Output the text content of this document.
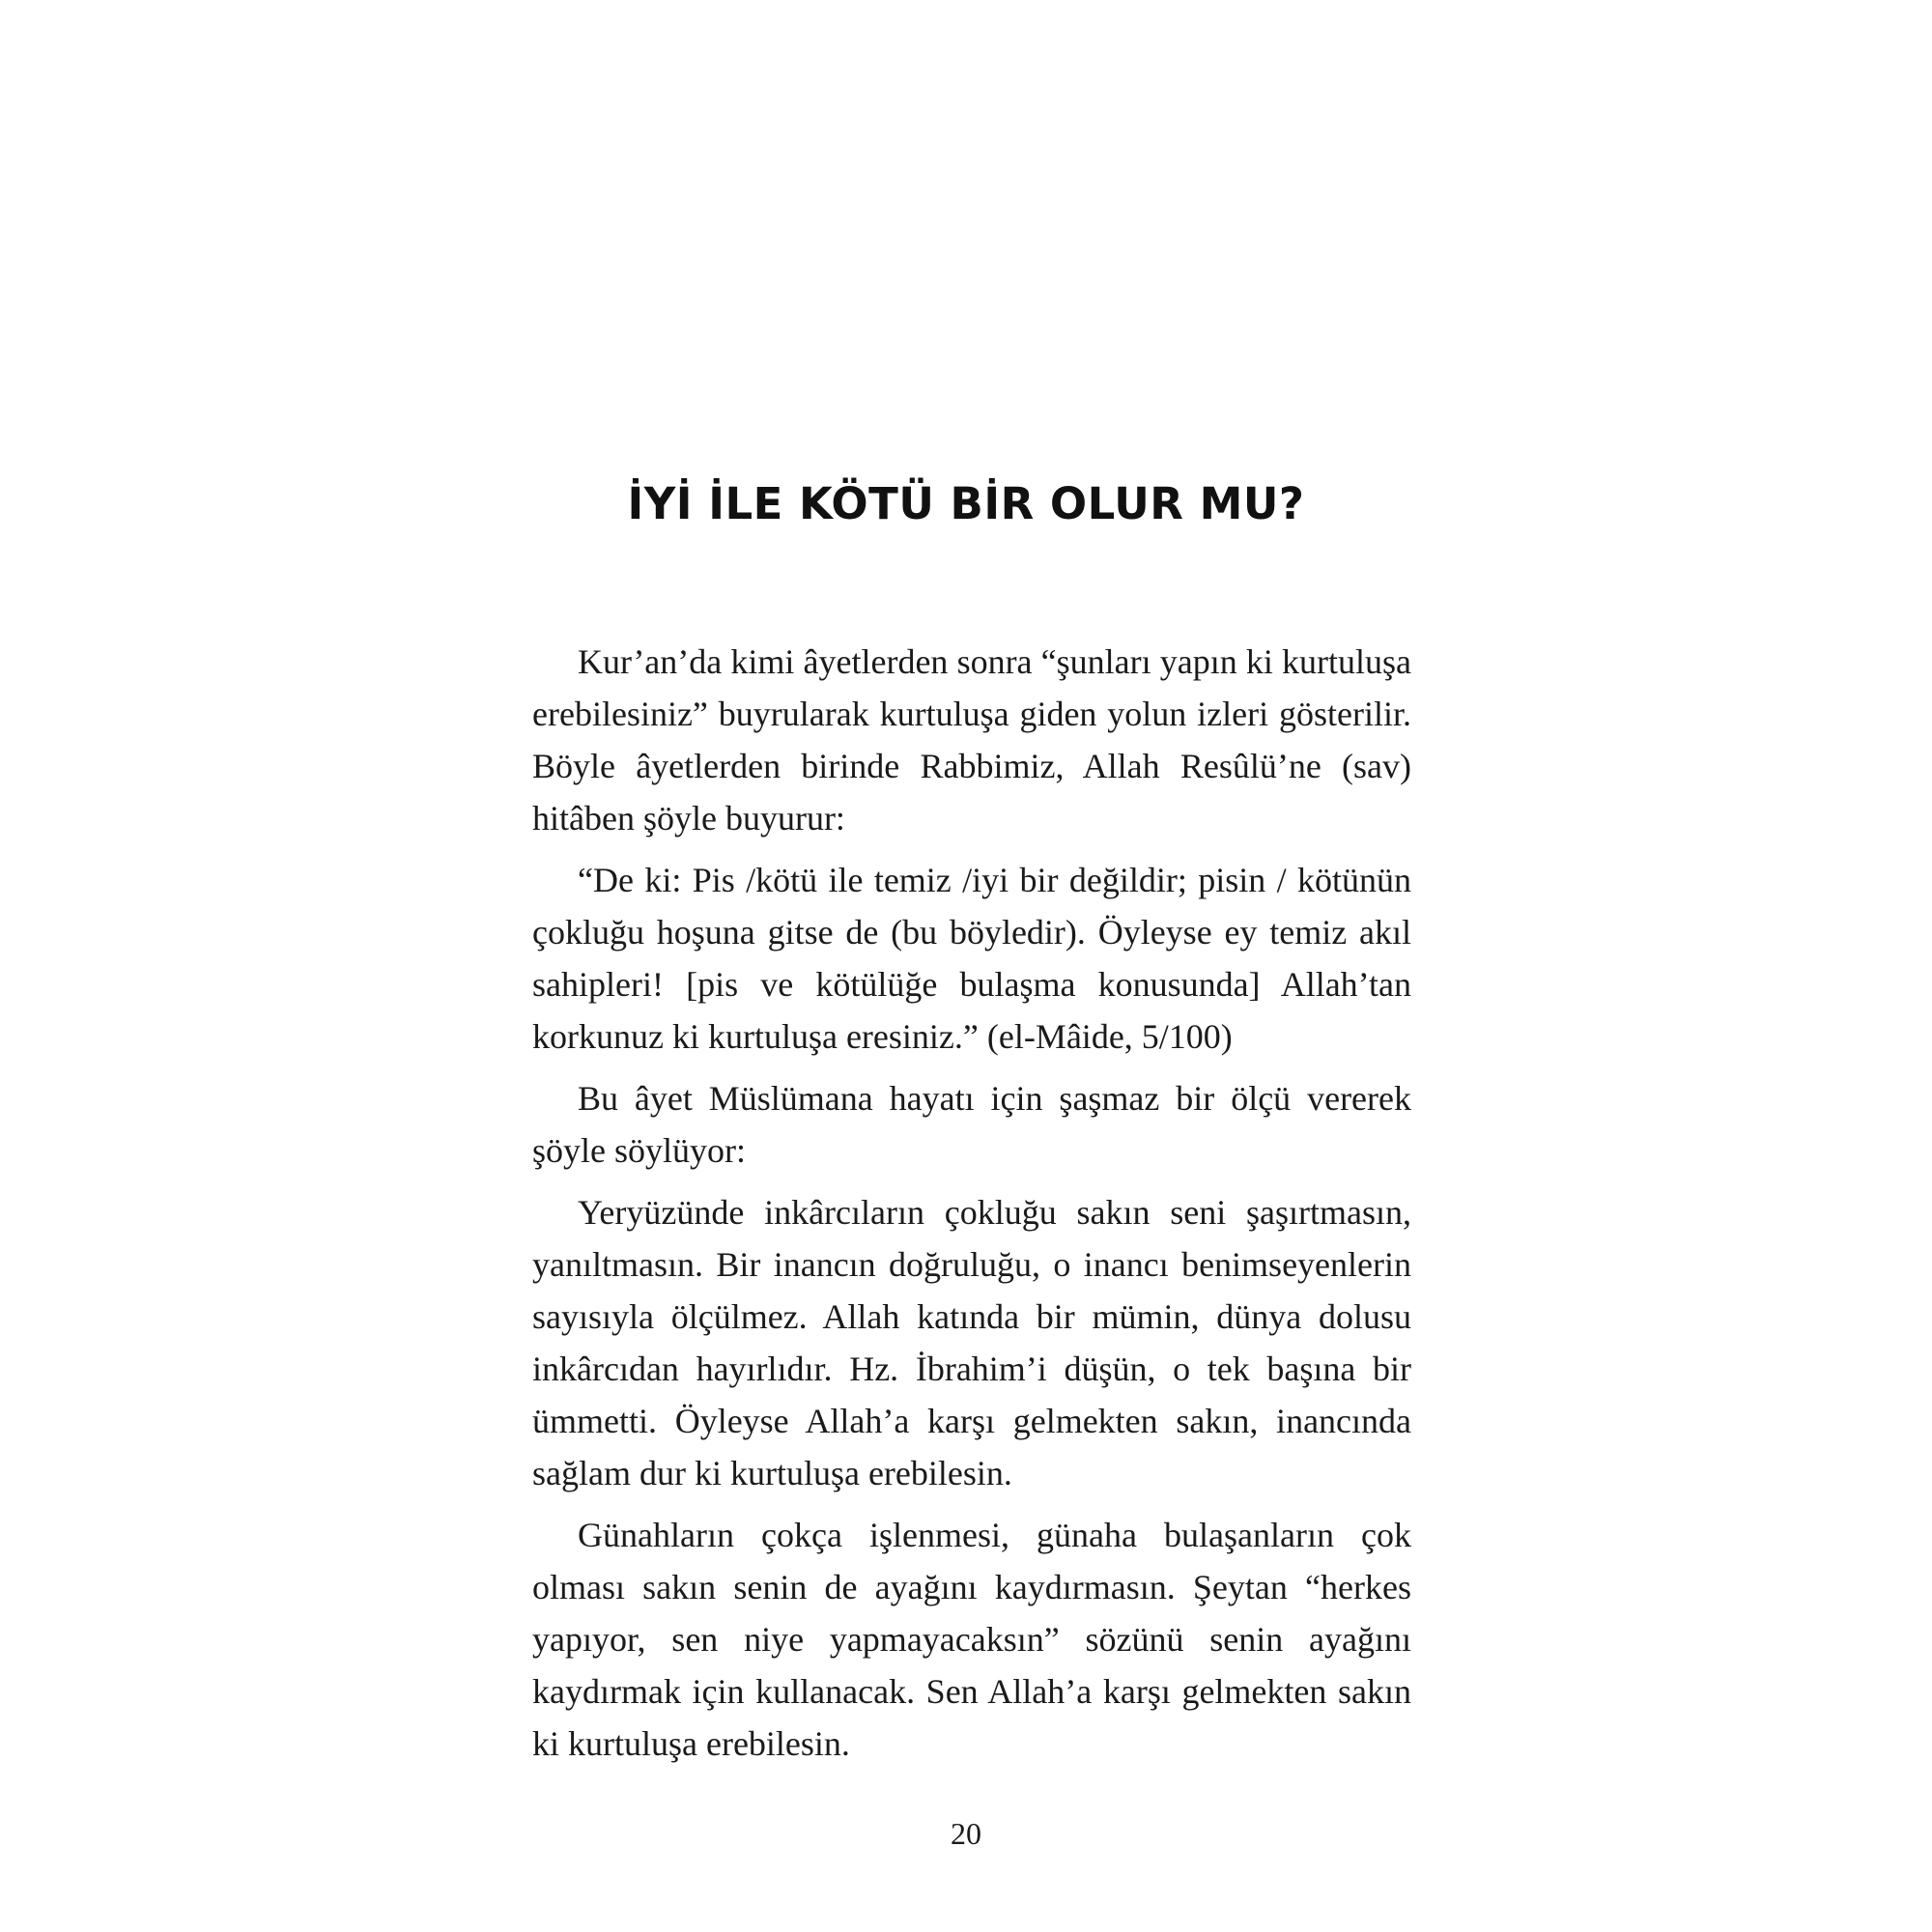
İYİ İLE KÖTÜ BİR OLUR MU?

Kur’an’da kimi âyetlerden sonra “şunları yapın ki kurtuluşa erebilesiniz” buyrularak kurtuluşa giden yolun izleri gösterilir. Böyle âyetlerden birinde Rabbimiz, Allah Resûlü’ne (sav) hitâben şöyle buyurur:

“De ki: Pis /kötü ile temiz /iyi bir değildir; pisin / kötünün çokluğu hoşuna gitse de (bu böyledir). Öyleyse ey temiz akıl sahipleri! [pis ve kötülüğe bulaşma konusunda] Allah’tan korkunuz ki kurtuluşa eresiniz.” (el-Mâide, 5/100)

Bu âyet Müslümana hayatı için şaşmaz bir ölçü vererek şöyle söylüyor:

Yeryüzünde inkârcıların çokluğu sakın seni şaşırtmasın, yanıltmasın. Bir inancın doğruluğu, o inancı benimseyenlerin sayısıyla ölçülmez. Allah katında bir mümin, dünya dolusu inkârcıdan hayırlıdır. Hz. İbrahim’i düşün, o tek başına bir ümmetti. Öyleyse Allah’a karşı gelmekten sakın, inancında sağlam dur ki kurtuluşa erebilesin.

Günahların çokça işlenmesi, günaha bulaşanların çok olması sakın senin de ayağını kaydırmasın. Şeytan “herkes yapıyor, sen niye yapmayacaksın” sözünü senin ayağını kaydırmak için kullanacak. Sen Allah’a karşı gelmekten sakın ki kurtuluşa erebilesin.

20
